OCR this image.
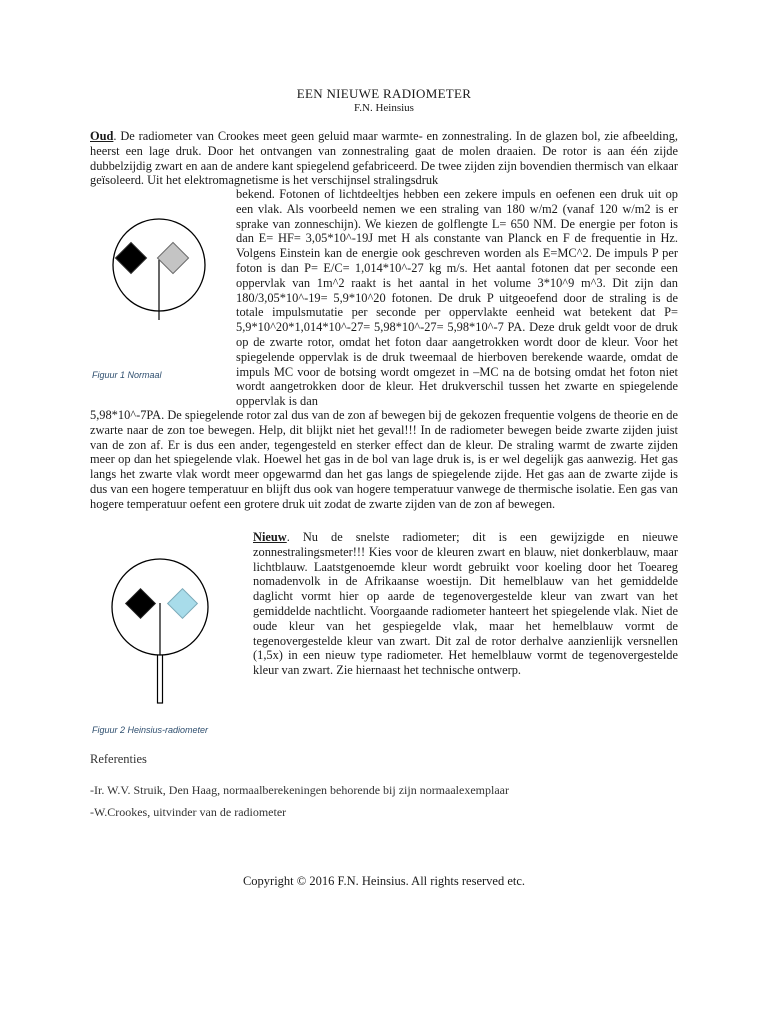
EEN NIEUWE RADIOMETER

F.N. Heinsius

Oud. De radiometer van Crookes meet geen geluid maar warmte- en zonnestraling. In de glazen bol, zie afbeelding, heerst een lage druk. Door het ontvangen van zonnestraling gaat de molen draaien. De rotor is aan één zijde dubbelzijdig zwart en aan de andere kant spiegelend gefabriceerd. De twee zijden zijn bovendien thermisch van elkaar geïsoleerd. Uit het elektromagnetisme is het verschijnsel stralingsdruk

bekend. Fotonen of lichtdeeltjes hebben een zekere impuls en oefenen een druk uit op een vlak. Als voorbeeld nemen we een straling van 180 w/m2 (vanaf 120 w/m2 is er sprake van zonneschijn). We kiezen de golflengte L= 650 NM. De energie per foton is dan E= HF= 3,05*10^-19J met H als constante van Planck en F de frequentie in Hz. Volgens Einstein kan de energie ook geschreven worden als E=MC^2. De impuls P per foton is dan P= E/C= 1,014*10^-27 kg m/s. Het aantal fotonen dat per seconde een oppervlak van 1m^2 raakt is het aantal in het volume 3*10^9 m^3. Dit zijn dan 180/3,05*10^-19= 5,9*10^20 fotonen. De druk P uitgeoefend door de straling is de totale impulsmutatie per seconde per oppervlakte eenheid wat betekent dat P= 5,9*10^20*1,014*10^-27= 5,98*10^-27= 5,98*10^-7 PA. Deze druk geldt voor de druk op de zwarte rotor, omdat het foton daar aangetrokken wordt door de kleur. Voor het spiegelende oppervlak is de druk tweemaal de hierboven berekende waarde, omdat de impuls MC voor de botsing wordt omgezet in –MC na de botsing omdat het foton niet wordt aangetrokken door de kleur. Het drukverschil tussen het zwarte en spiegelende oppervlak is dan

5,98*10^-7PA. De spiegelende rotor zal dus van de zon af bewegen bij de gekozen frequentie volgens de theorie en de zwarte naar de zon toe bewegen. Help, dit blijkt niet het geval!!! In de radiometer bewegen beide zwarte zijden juist van de zon af. Er is dus een ander, tegengesteld en sterker effect dan de kleur. De straling warmt de zwarte zijden meer op dan het spiegelende vlak. Hoewel het gas in de bol van lage druk is, is er wel degelijk gas aanwezig. Het gas langs het zwarte vlak wordt meer opgewarmd dan het gas langs de spiegelende zijde. Het gas aan de zwarte zijde is dus van een hogere temperatuur en blijft dus ook van hogere temperatuur vanwege de thermische isolatie. Een gas van hogere temperatuur oefent een grotere druk uit zodat de zwarte zijden van de zon af bewegen.

Figuur 1 Normaal

Nieuw. Nu de snelste radiometer; dit is een gewijzigde en nieuwe zonnestralingsmeter!!! Kies voor de kleuren zwart en blauw, niet donkerblauw, maar lichtblauw. Laatstgenoemde kleur wordt gebruikt voor koeling door het Toeareg nomadenvolk in de Afrikaanse woestijn. Dit hemelblauw van het gemiddelde daglicht vormt hier op aarde de tegenovergestelde kleur van zwart van het gemiddelde nachtlicht. Voorgaande radiometer hanteert het spiegelende vlak. Niet de oude kleur van het gespiegelde vlak, maar het hemelblauw vormt de tegenovergestelde kleur van zwart. Dit zal de rotor derhalve aanzienlijk versnellen (1,5x) in een nieuw type radiometer. Het hemelblauw vormt de tegenovergestelde kleur van zwart. Zie hiernaast het technische ontwerp.

Figuur 2 Heinsius-radiometer

Referenties

-Ir. W.V. Struik, Den Haag, normaalberekeningen behorende bij zijn normaalexemplaar

-W.Crookes, uitvinder van de radiometer

Copyright © 2016 F.N. Heinsius. All rights reserved etc.
